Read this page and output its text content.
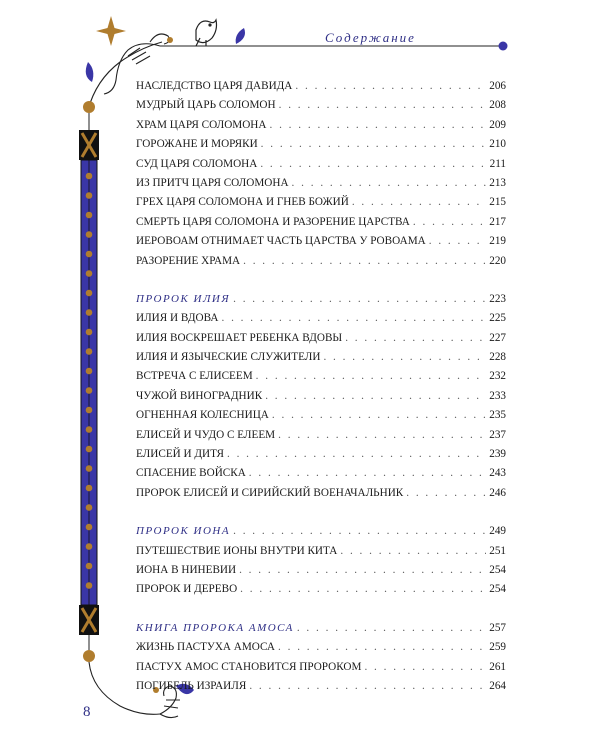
Содержание
НАСЛЕДСТВО ЦАРЯ ДАВИДА . . .	206
МУДРЫЙ ЦАРЬ СОЛОМОН . . .	208
ХРАМ ЦАРЯ СОЛОМОНА . . .	209
ГОРОЖАНЕ И МОРЯКИ . . .	210
СУД ЦАРЯ СОЛОМОНА . . .	211
ИЗ ПРИТЧ ЦАРЯ СОЛОМОНА . . .	213
ГРЕХ ЦАРЯ СОЛОМОНА И ГНЕВ БОЖИЙ . . .	215
СМЕРТЬ ЦАРЯ СОЛОМОНА И РАЗОРЕНИЕ ЦАРСТВА . . .	217
ИЕРОВОАМ ОТНИМАЕТ ЧАСТЬ ЦАРСТВА У РОВОАМА . . .	219
РАЗОРЕНИЕ ХРАМА . . .	220
ПРОРОК ИЛИЯ . . .	223
ИЛИЯ И ВДОВА . . .	225
ИЛИЯ ВОСКРЕШАЕТ РЕБЕНКА ВДОВЫ . . .	227
ИЛИЯ И ЯЗЫЧЕСКИЕ СЛУЖИТЕЛИ . . .	228
ВСТРЕЧА С ЕЛИСЕЕМ . . .	232
ЧУЖОЙ ВИНОГРАДНИК . . .	233
ОГНЕННАЯ КОЛЕСНИЦА . . .	235
ЕЛИСЕЙ И ЧУДО С ЕЛЕЕМ . . .	237
ЕЛИСЕЙ И ДИТЯ . . .	239
СПАСЕНИЕ ВОЙСКА . . .	243
ПРОРОК ЕЛИСЕЙ И СИРИЙСКИЙ ВОЕНАЧАЛЬНИК . . .	246
ПРОРОК ИОНА . . .	249
ПУТЕШЕСТВИЕ ИОНЫ ВНУТРИ КИТА . . .	251
ИОНА В НИНЕВИИ . . .	254
ПРОРОК И ДЕРЕВО . . .	254
КНИГА ПРОРОКА АМОСА . . .	257
ЖИЗНЬ ПАСТУХА АМОСА . . .	259
ПАСТУХ АМОС СТАНОВИТСЯ ПРОРОКОМ . . .	261
ПОГИБЕЛЬ ИЗРАИЛЯ . . .	264
8
